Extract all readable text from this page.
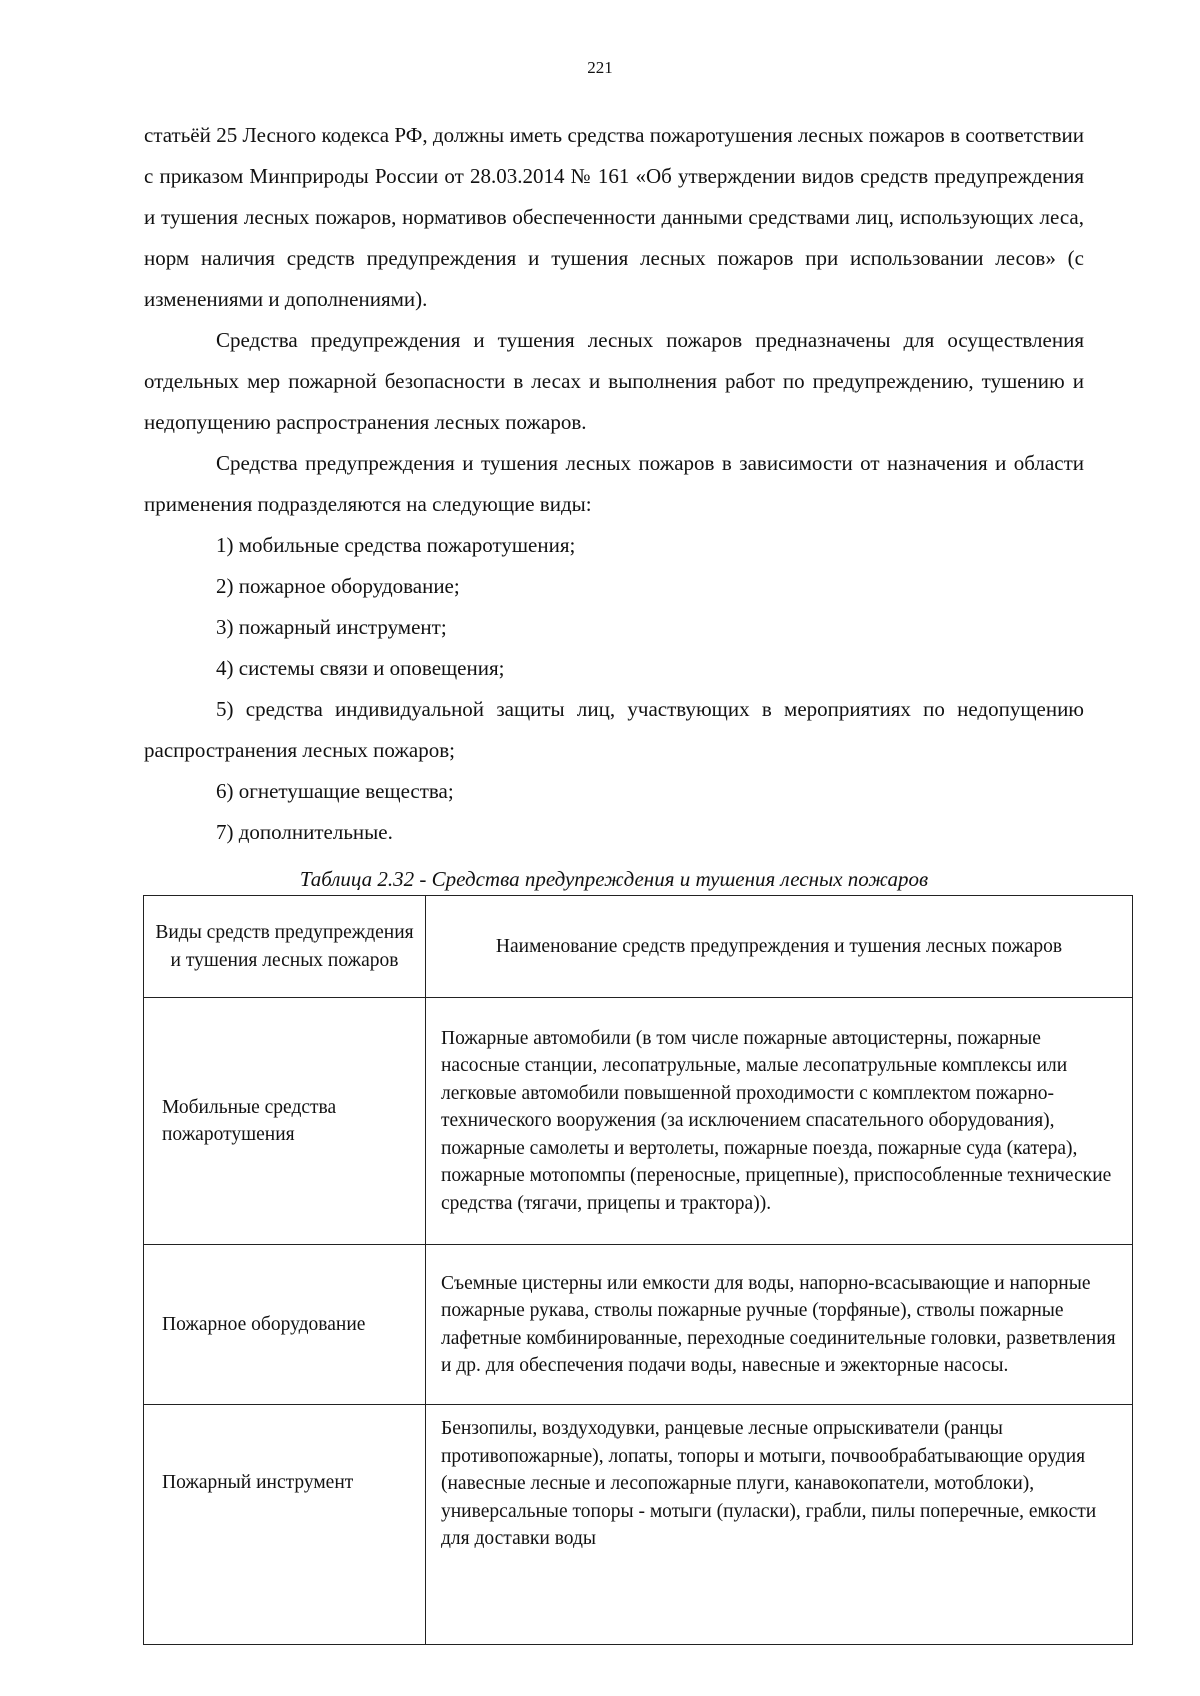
221

статьёй 25 Лесного кодекса РФ, должны иметь средства пожаротушения лесных пожаров в соответствии с приказом Минприроды России от 28.03.2014 № 161 «Об утверждении видов средств предупреждения и тушения лесных пожаров, нормативов обеспеченности данными средствами лиц, использующих леса, норм наличия средств предупреждения и тушения лесных пожаров при использовании лесов» (с изменениями и дополнениями).

Средства предупреждения и тушения лесных пожаров предназначены для осуществления отдельных мер пожарной безопасности в лесах и выполнения работ по предупреждению, тушению и недопущению распространения лесных пожаров.

Средства предупреждения и тушения лесных пожаров в зависимости от назначения и области применения подразделяются на следующие виды:

1) мобильные средства пожаротушения;

2) пожарное оборудование;

3) пожарный инструмент;

4) системы связи и оповещения;

5) средства индивидуальной защиты лиц, участвующих в мероприятиях по недопущению распространения лесных пожаров;

6) огнетушащие вещества;

7) дополнительные.

Таблица 2.32 - Средства предупреждения и тушения лесных пожаров
Виды средств предупреждения и тушения лесных пожаров	Наименование средств предупреждения и тушения лесных пожаров
Мобильные средства пожаротушения	Пожарные автомобили (в том числе пожарные автоцистерны, пожарные насосные станции, лесопатрульные, малые лесопатрульные комплексы или легковые автомобили повышенной проходимости с комплектом пожарно-технического вооружения (за исключением спасательного оборудования), пожарные самолеты и вертолеты, пожарные поезда, пожарные суда (катера), пожарные мотопомпы (переносные, прицепные), приспособленные технические средства (тягачи, прицепы и трактора)).
Пожарное оборудование	Съемные цистерны или емкости для воды, напорно-всасывающие и напорные пожарные рукава, стволы пожарные ручные (торфяные), стволы пожарные лафетные комбинированные, переходные соединительные головки, разветвления и др. для обеспечения подачи воды, навесные и эжекторные насосы.
Пожарный инструмент	Бензопилы, воздуходувки, ранцевые лесные опрыскиватели (ранцы противопожарные), лопаты, топоры и мотыги, почвообрабатывающие орудия (навесные лесные и лесопожарные плуги, канавокопатели, мотоблоки), универсальные топоры - мотыги (пуласки), грабли, пилы поперечные, емкости для доставки воды
